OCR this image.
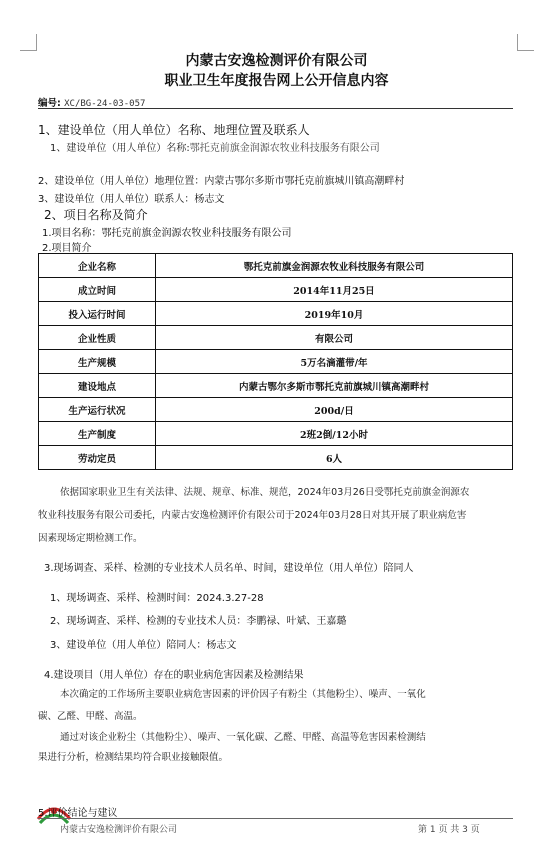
内蒙古安逸检测评价有限公司
职业卫生年度报告网上公开信息内容
编号: XC/BG-24-03-057
1、建设单位（用人单位）名称、地理位置及联系人
1、建设单位（用人单位）名称:鄂托克前旗金润源农牧业科技服务有限公司
2、建设单位（用人单位）地理位置：内蒙古鄂尔多斯市鄂托克前旗城川镇高潮畔村
3、建设单位（用人单位）联系人：杨志文
2、项目名称及简介
1.项目名称：鄂托克前旗金润源农牧业科技服务有限公司
2.项目简介
企业名称	鄂托克前旗金润源农牧业科技服务有限公司
成立时间	2014年11月25日
投入运行时间	2019年10月
企业性质	有限公司
生产规模	5万名滴灌带/年
建设地点	内蒙古鄂尔多斯市鄂托克前旗城川镇高潮畔村
生产运行状况	200d/日
生产制度	2班2倒/12小时
劳动定员	6人
依据国家职业卫生有关法律、法规、规章、标准、规范，2024年03月26日受鄂托克前旗金润源农
牧业科技服务有限公司委托，内蒙古安逸检测评价有限公司于2024年03月28日对其开展了职业病危害
因素现场定期检测工作。
3.现场调查、采样、检测的专业技术人员名单、时间，建设单位（用人单位）陪同人
1、现场调查、采样、检测时间：2024.3.27-28
2、现场调查、采样、检测的专业技术人员：李鹏禄、叶斌、王嘉璐
3、建设单位（用人单位）陪同人：杨志文
4.建设项目（用人单位）存在的职业病危害因素及检测结果
本次确定的工作场所主要职业病危害因素的评价因子有粉尘（其他粉尘）、噪声、一氧化
碳、乙醛、甲醛、高温。
通过对该企业粉尘（其他粉尘）、噪声、一氧化碳、乙醛、甲醛、高温等危害因素检测结
果进行分析，检测结果均符合职业接触限值。
5.评价结论与建议
内蒙古安逸检测评价有限公司	第 1 页 共 3 页
